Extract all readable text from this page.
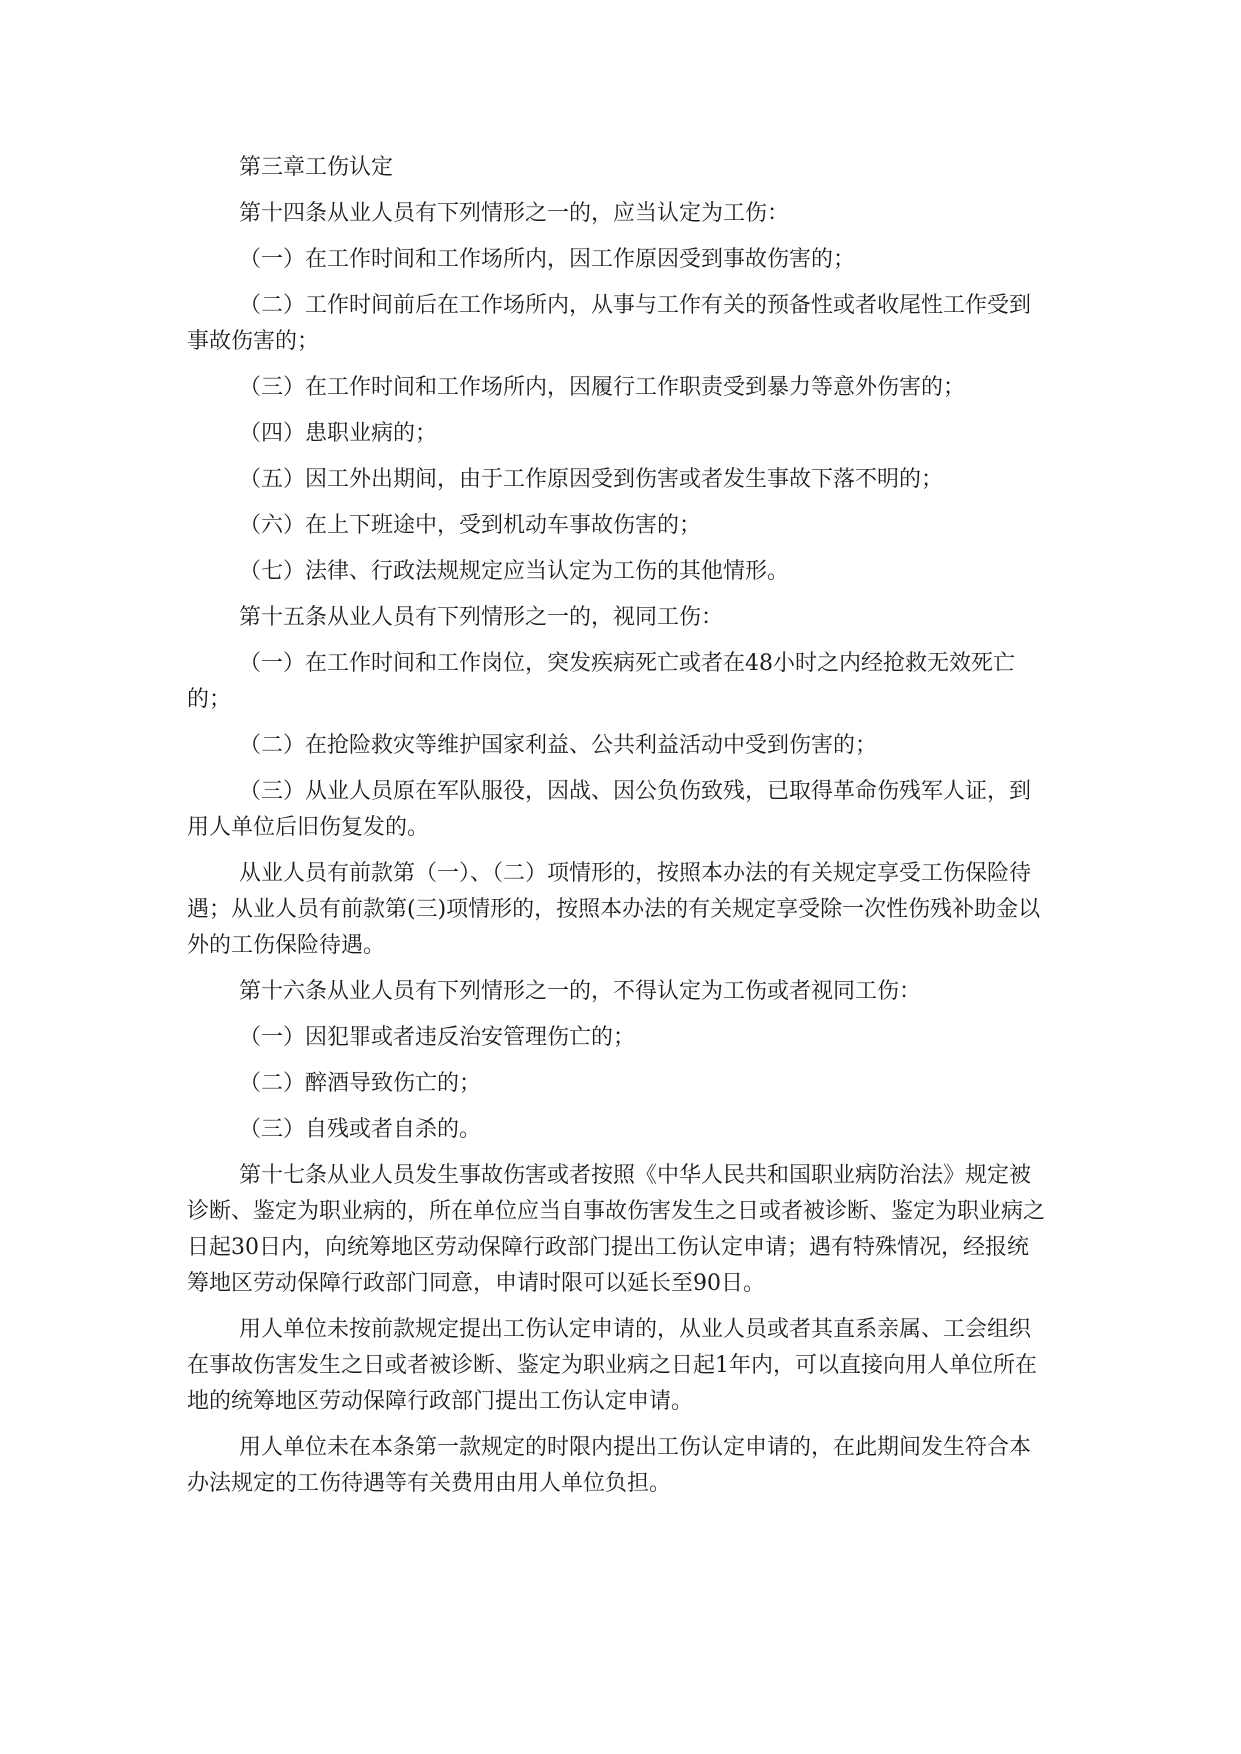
第三章工伤认定

第十四条从业人员有下列情形之一的，应当认定为工伤：

（一）在工作时间和工作场所内，因工作原因受到事故伤害的；

（二）工作时间前后在工作场所内，从事与工作有关的预备性或者收尾性工作受到事故伤害的；

（三）在工作时间和工作场所内，因履行工作职责受到暴力等意外伤害的；

（四）患职业病的；

（五）因工外出期间，由于工作原因受到伤害或者发生事故下落不明的；

（六）在上下班途中，受到机动车事故伤害的；

（七）法律、行政法规规定应当认定为工伤的其他情形。

第十五条从业人员有下列情形之一的，视同工伤：

（一）在工作时间和工作岗位，突发疾病死亡或者在48小时之内经抢救无效死亡的；

（二）在抢险救灾等维护国家利益、公共利益活动中受到伤害的；

（三）从业人员原在军队服役，因战、因公负伤致残，已取得革命伤残军人证，到用人单位后旧伤复发的。

从业人员有前款第（一）、（二）项情形的，按照本办法的有关规定享受工伤保险待遇；从业人员有前款第(三)项情形的，按照本办法的有关规定享受除一次性伤残补助金以外的工伤保险待遇。

第十六条从业人员有下列情形之一的，不得认定为工伤或者视同工伤：

（一）因犯罪或者违反治安管理伤亡的；

（二）醉酒导致伤亡的；

（三）自残或者自杀的。

第十七条从业人员发生事故伤害或者按照《中华人民共和国职业病防治法》规定被诊断、鉴定为职业病的，所在单位应当自事故伤害发生之日或者被诊断、鉴定为职业病之日起30日内，向统筹地区劳动保障行政部门提出工伤认定申请；遇有特殊情况，经报统筹地区劳动保障行政部门同意，申请时限可以延长至90日。

用人单位未按前款规定提出工伤认定申请的，从业人员或者其直系亲属、工会组织在事故伤害发生之日或者被诊断、鉴定为职业病之日起1年内，可以直接向用人单位所在地的统筹地区劳动保障行政部门提出工伤认定申请。

用人单位未在本条第一款规定的时限内提出工伤认定申请的，在此期间发生符合本办法规定的工伤待遇等有关费用由用人单位负担。
